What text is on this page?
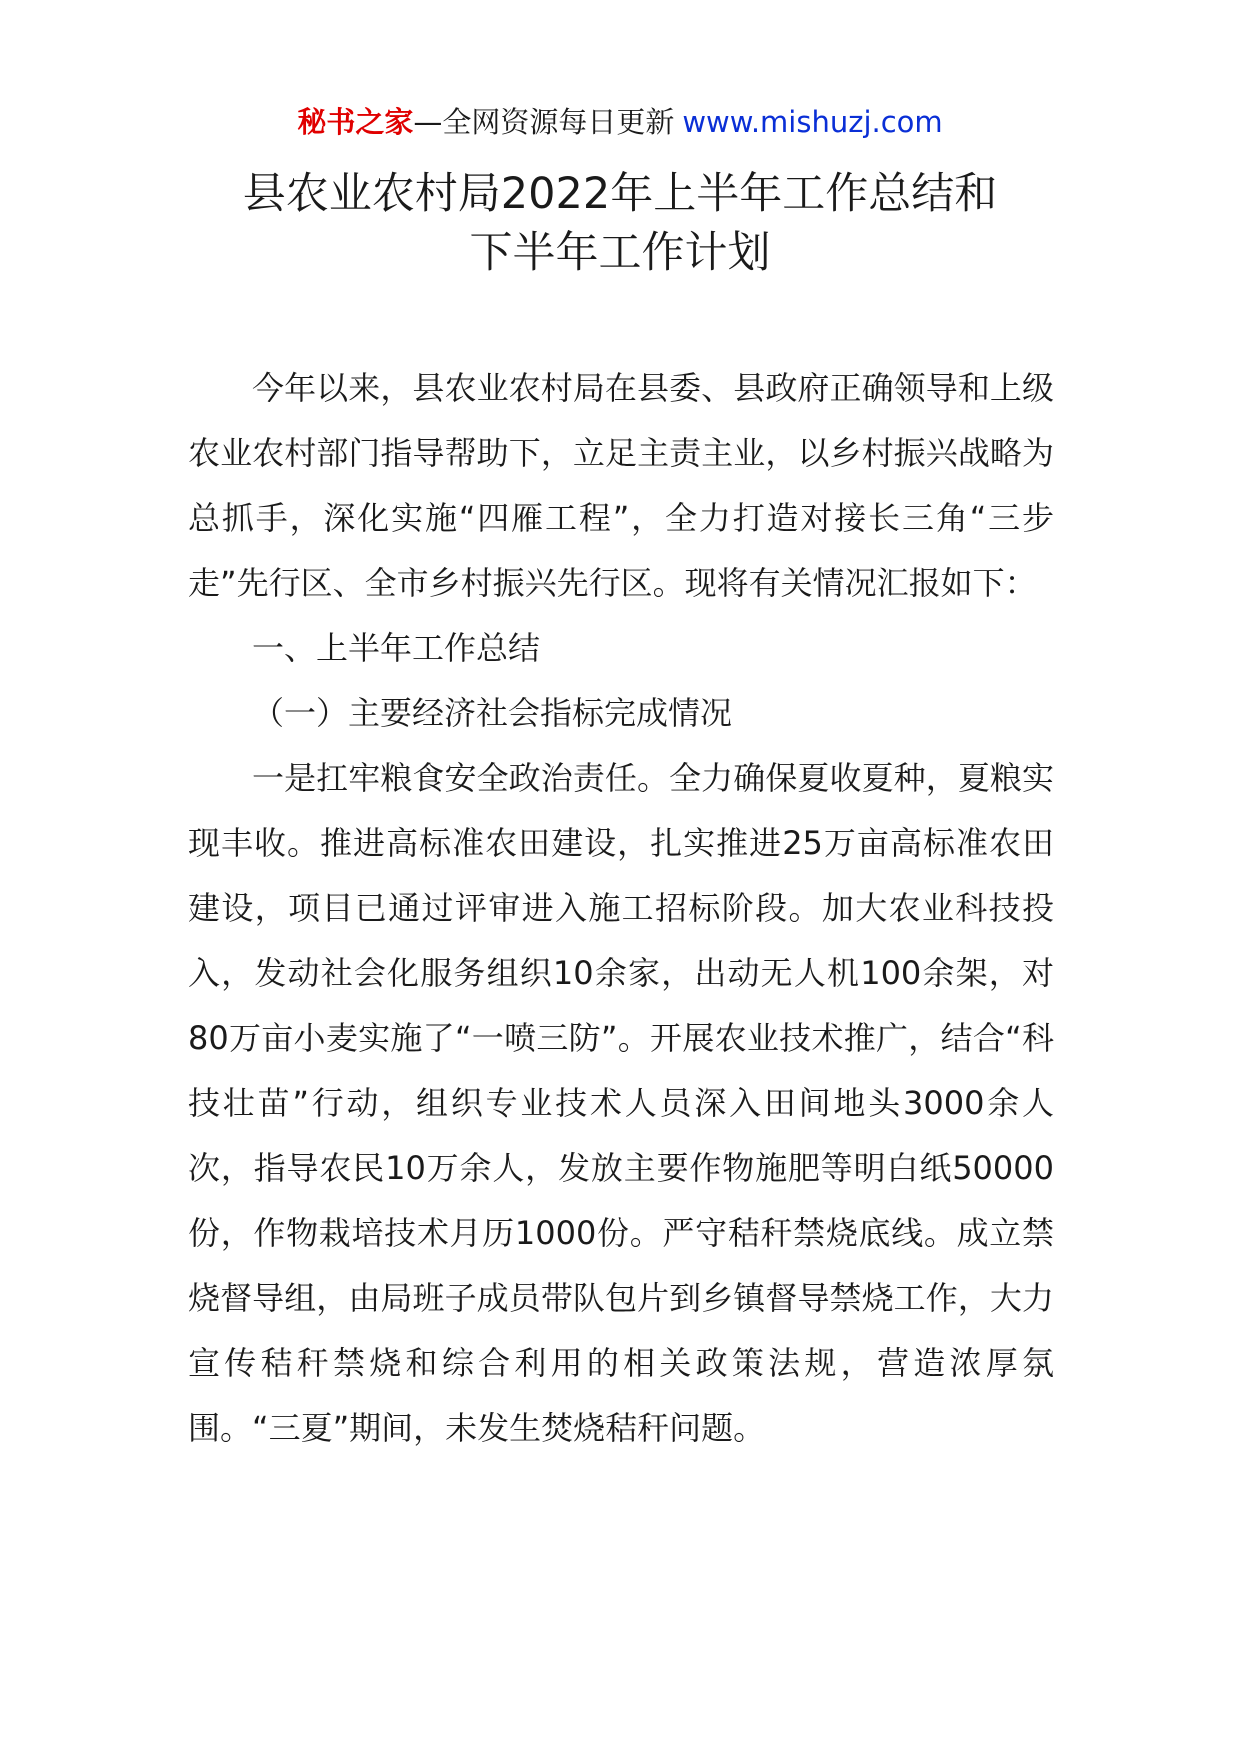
秘书之家—全网资源每日更新 www.mishuzj.com
县农业农村局2022年上半年工作总结和
下半年工作计划

今年以来，县农业农村局在县委、县政府正确领导和上级农业农村部门指导帮助下，立足主责主业，以乡村振兴战略为总抓手，深化实施“四雁工程”，全力打造对接长三角“三步走”先行区、全市乡村振兴先行区。现将有关情况汇报如下：

一、上半年工作总结

（一）主要经济社会指标完成情况

一是扛牢粮食安全政治责任。全力确保夏收夏种，夏粮实现丰收。推进高标准农田建设，扎实推进25万亩高标准农田建设，项目已通过评审进入施工招标阶段。加大农业科技投入，发动社会化服务组织10余家，出动无人机100余架，对80万亩小麦实施了“一喷三防”。开展农业技术推广，结合“科技壮苗”行动，组织专业技术人员深入田间地头3000余人次，指导农民10万余人，发放主要作物施肥等明白纸50000份，作物栽培技术月历1000份。严守秸秆禁烧底线。成立禁烧督导组，由局班子成员带队包片到乡镇督导禁烧工作，大力宣传秸秆禁烧和综合利用的相关政策法规，营造浓厚氛围。“三夏”期间，未发生焚烧秸秆问题。
